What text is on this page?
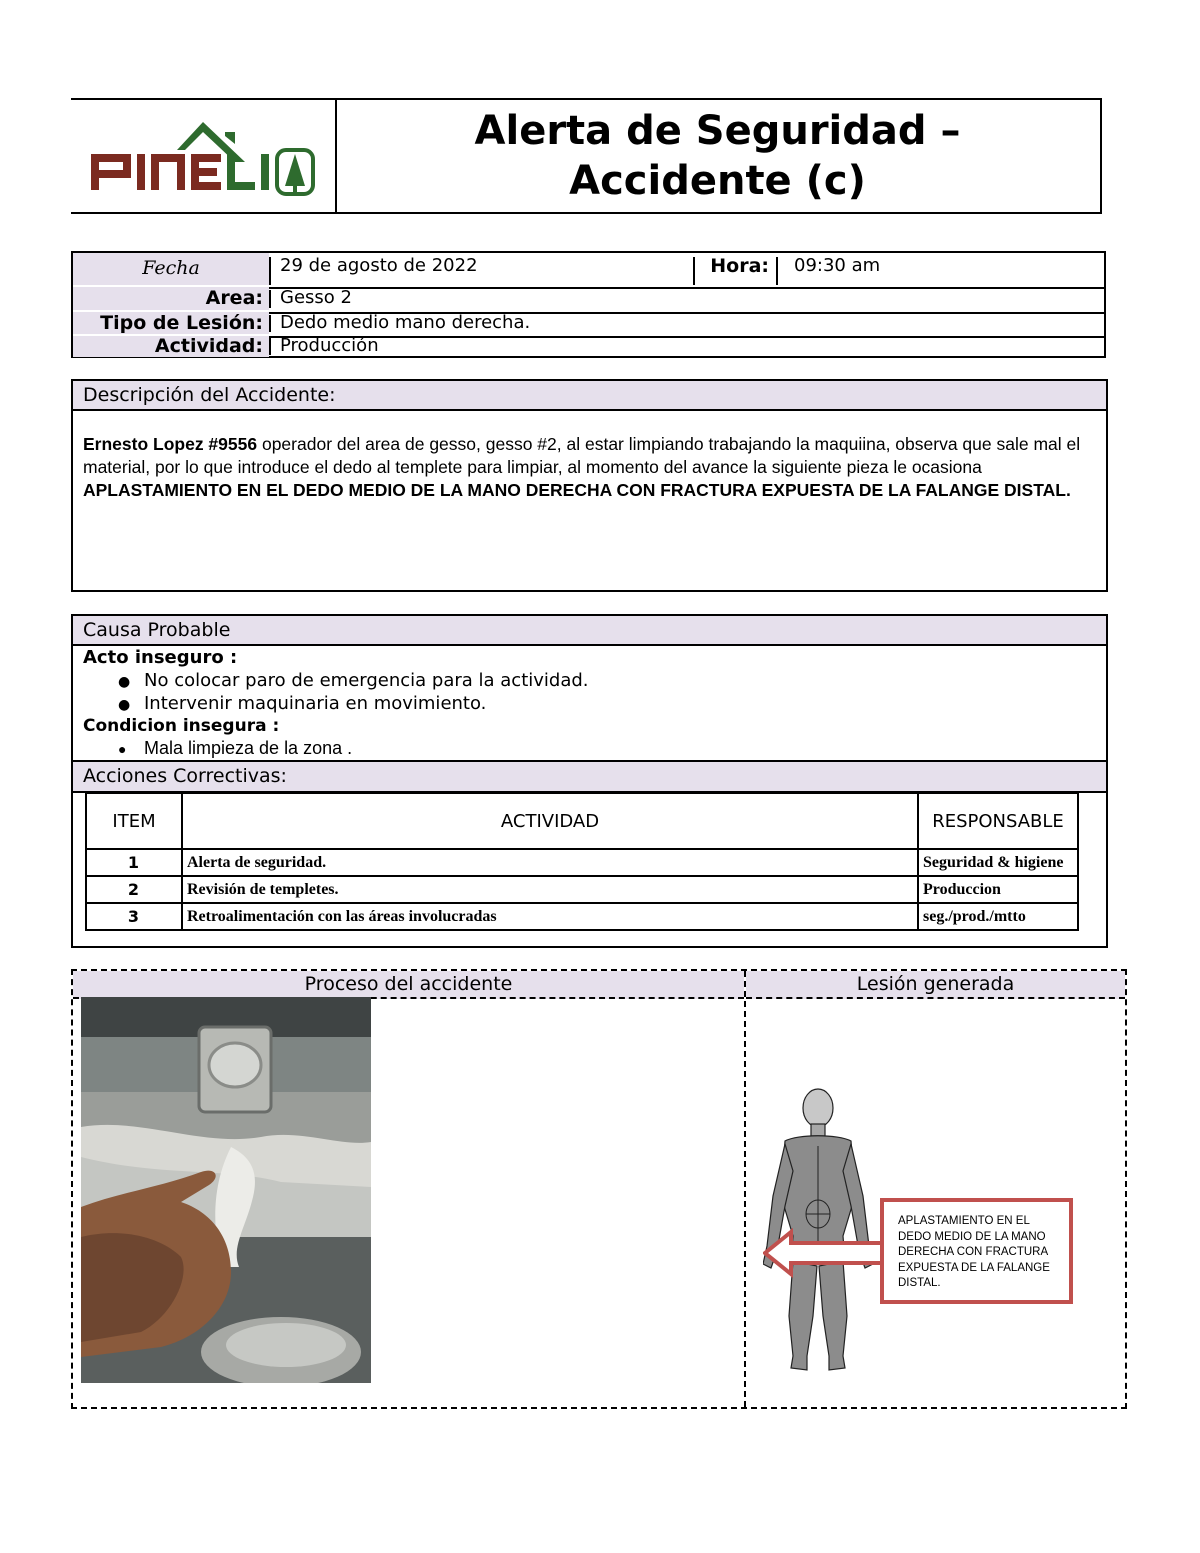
Alerta de Seguridad –
Accidente (c)
Fecha	29 de agosto de 2022	Hora:	09:30 am
Area: Gesso 2
Tipo de Lesión: Dedo medio mano derecha.
Actividad: Producción
Descripción del Accidente:
Ernesto Lopez #9556 operador del area de gesso, gesso #2, al estar limpiando trabajando la maquiina, observa que sale mal el material, por lo que introduce el dedo al templete para limpiar, al momento del avance la siguiente pieza le ocasiona APLASTAMIENTO EN EL DEDO MEDIO DE LA MANO DERECHA CON FRACTURA EXPUESTA DE LA FALANGE DISTAL.
Causa Probable
Acto inseguro :
● No colocar paro de emergencia para la actividad.
● Intervenir maquinaria en movimiento.
Condicion insegura :
● Mala limpieza de la zona .
Acciones Correctivas:
ITEM	ACTIVIDAD	RESPONSABLE
1	Alerta de seguridad.	Seguridad & higiene
2	Revisión de templetes.	Produccion
3	Retroalimentación con las áreas involucradas	seg./prod./mtto
Proceso del accidente	Lesión generada
APLASTAMIENTO EN EL DEDO MEDIO DE LA MANO DERECHA CON FRACTURA EXPUESTA DE LA FALANGE DISTAL.
